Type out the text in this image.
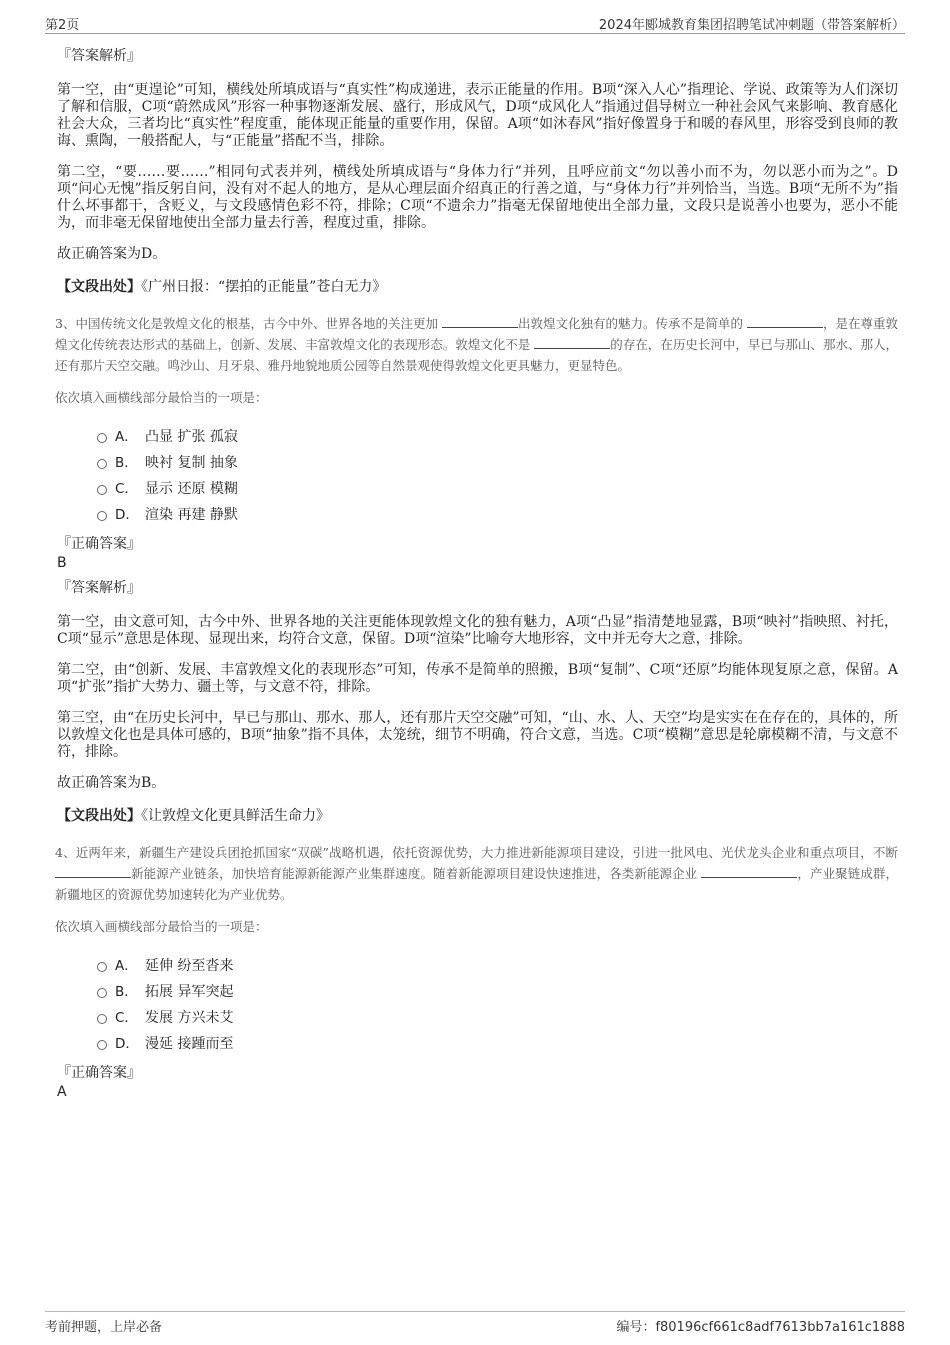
第2页	2024年郾城教育集团招聘笔试冲刺题（带答案解析）

『答案解析』

第一空，由“更遑论”可知，横线处所填成语与“真实性”构成递进，表示正能量的作用。B项“深入人心”指理论、学说、政策等为人们深切了解和信服，C项“蔚然成风”形容一种事物逐渐发展、盛行，形成风气，D项“成风化人”指通过倡导树立一种社会风气来影响、教育感化社会大众，三者均比“真实性”程度重，能体现正能量的重要作用，保留。A项“如沐春风”指好像置身于和暖的春风里，形容受到良师的教诲、熏陶，一般搭配人，与“正能量”搭配不当，排除。

第二空，“要……要……”相同句式表并列，横线处所填成语与“身体力行”并列，且呼应前文“勿以善小而不为，勿以恶小而为之”。D项“问心无愧”指反躬自问，没有对不起人的地方，是从心理层面介绍真正的行善之道，与“身体力行”并列恰当，当选。B项“无所不为”指什么坏事都干，含贬义，与文段感情色彩不符，排除；C项“不遗余力”指毫无保留地使出全部力量，文段只是说善小也要为，恶小不能为，而非毫无保留地使出全部力量去行善，程度过重，排除。

故正确答案为D。

【文段出处】《广州日报：“摆拍的正能量”苍白无力》

3、中国传统文化是敦煌文化的根基，古今中外、世界各地的关注更加	出敦煌文化独有的魅力。传承不是简单的	，是在尊重敦煌文化传统表达形式的基础上，创新、发展、丰富敦煌文化的表现形态。敦煌文化不是	的存在，在历史长河中，早已与那山、那水、那人，还有那片天空交融。鸣沙山、月牙泉、雅丹地貌地质公园等自然景观使得敦煌文化更具魅力，更显特色。

依次填入画横线部分最恰当的一项是：

A． 凸显 扩张 孤寂
B． 映衬 复制 抽象
C． 显示 还原 模糊
D． 渲染 再建 静默

『正确答案』

B

『答案解析』

第一空，由文意可知，古今中外、世界各地的关注更能体现敦煌文化的独有魅力，A项“凸显”指清楚地显露，B项“映衬”指映照、衬托，C项“显示”意思是体现、显现出来，均符合文意，保留。D项“渲染”比喻夸大地形容，文中并无夸大之意，排除。

第二空，由“创新、发展、丰富敦煌文化的表现形态”可知，传承不是简单的照搬，B项“复制”、C项“还原”均能体现复原之意，保留。A项“扩张”指扩大势力、疆土等，与文意不符，排除。

第三空，由“在历史长河中，早已与那山、那水、那人，还有那片天空交融”可知，“山、水、人、天空”均是实实在在存在的，具体的，所以敦煌文化也是具体可感的，B项“抽象”指不具体，太笼统，细节不明确，符合文意，当选。C项“模糊”意思是轮廓模糊不清，与文意不符，排除。

故正确答案为B。

【文段出处】《让敦煌文化更具鲜活生命力》

4、近两年来，新疆生产建设兵团抢抓国家“双碳”战略机遇，依托资源优势，大力推进新能源项目建设，引进一批风电、光伏龙头企业和重点项目，不断 新能源产业链条，加快培育能源新能源产业集群速度。随着新能源项目建设快速推进，各类新能源企业	，产业聚链成群，新疆地区的资源优势加速转化为产业优势。

依次填入画横线部分最恰当的一项是：

A． 延伸 纷至沓来
B． 拓展 异军突起
C． 发展 方兴未艾
D． 漫延 接踵而至

『正确答案』

A

考前押题，上岸必备	编号：f80196cf661c8adf7613bb7a161c1888
